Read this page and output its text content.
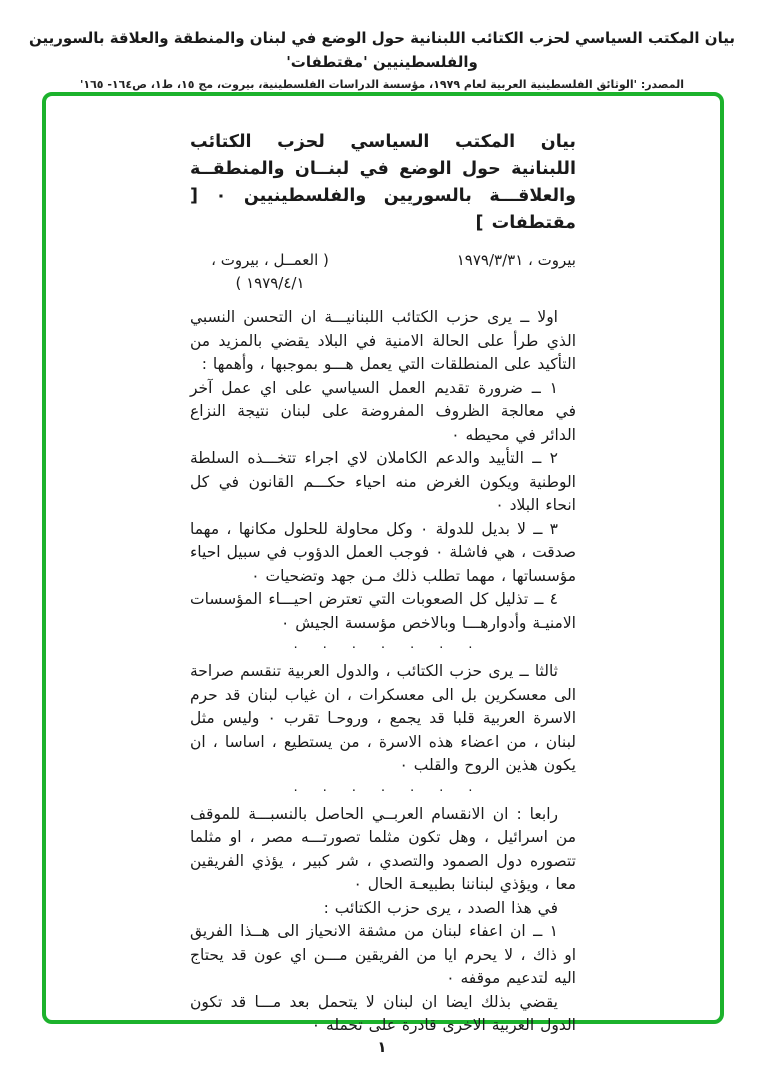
بيان المكتب السياسي لحزب الكتائب اللبنانية حول الوضع في لبنان والمنطقة والعلاقة بالسوريين والفلسطينيين 'مقتطفات'
المصدر: 'الوثائق الفلسطينية العربية لعام ١٩٧٩، مؤسسة الدراسات الفلسطينية، بيروت، مج ١٥، ط١، ص١٦٤- ١٦٥'
بيان المكتب السياسي لحزب الكتائب اللبنانية حول الوضع في لبنــان والمنطقــة والعلاقـــة بالسوريين والفلسطينيين ٠ [ مقتطفات ]
بيروت ، ١٩٧٩/٣/٣١
( العمــل ، بيروت ، ١٩٧٩/٤/١ )
اولا ــ يرى حزب الكتائب اللبنانيـــة ان التحسن النسبي الذي طرأ على الحالة الامنية في البلاد يقضي بالمزيد من التأكيد على المنطلقات التي يعمل هـــو بموجبها ، وأهمها :
١ ــ ضرورة تقديم العمل السياسي على اي عمل آخر في معالجة الظروف المفروضة على لبنان نتيجة النزاع الدائر في محيطه ٠
٢ ــ التأييد والدعم الكاملان لاي اجراء تتخـــذه السلطة الوطنية ويكون الغرض منه احياء حكـــم القانون في كل انحاء البلاد ٠
٣ ــ لا بديل للدولة ٠ وكل محاولة للحلول مكانها ، مهما صدقت ، هي فاشلة ٠ فوجب العمل الدؤوب في سبيل احياء مؤسساتها ، مهما تطلب ذلك مـن جهد وتضحيات ٠
٤ ــ تذليل كل الصعوبات التي تعترض احيـــاء المؤسسات الامنيـة وأدوارهـــا وبالاخص مؤسسة الجيش ٠
٠ ٠ ٠ ٠ ٠ ٠ ٠
ثالثا ــ يرى حزب الكتائب ، والدول العربية تنقسم صراحة الى معسكرين بل الى معسكرات ، ان غياب لبنان قد حرم الاسرة العربية قلبا قد يجمع ، وروحـا تقرب ٠ وليس مثل لبنان ، من اعضاء هذه الاسرة ، من يستطيع ، اساسا ، ان يكون هذين الروح والقلب ٠
٠ ٠ ٠ ٠ ٠ ٠ ٠
رابعا : ان الانقسام العربــي الحاصل بالنسبـــة للموقف من اسرائيل ، وهل تكون مثلما تصورتـــه مصر ، او مثلما تتصوره دول الصمود والتصدي ، شر كبير ، يؤذي الفريقين معا ، ويؤذي لبناننا بطبيعـة الحال ٠
في هذا الصدد ، يرى حزب الكتائب :
١ ــ ان اعفاء لبنان من مشقة الانحياز الى هــذا الفريق او ذاك ، لا يحرم ايا من الفريقين مـــن اي عون قد يحتاج اليه لتدعيم موقفه ٠
يقضي بذلك ايضا ان لبنان لا يتحمل بعد مـــا قد تكون الدول العربية الاخرى قادرة على تحمله ٠
١
